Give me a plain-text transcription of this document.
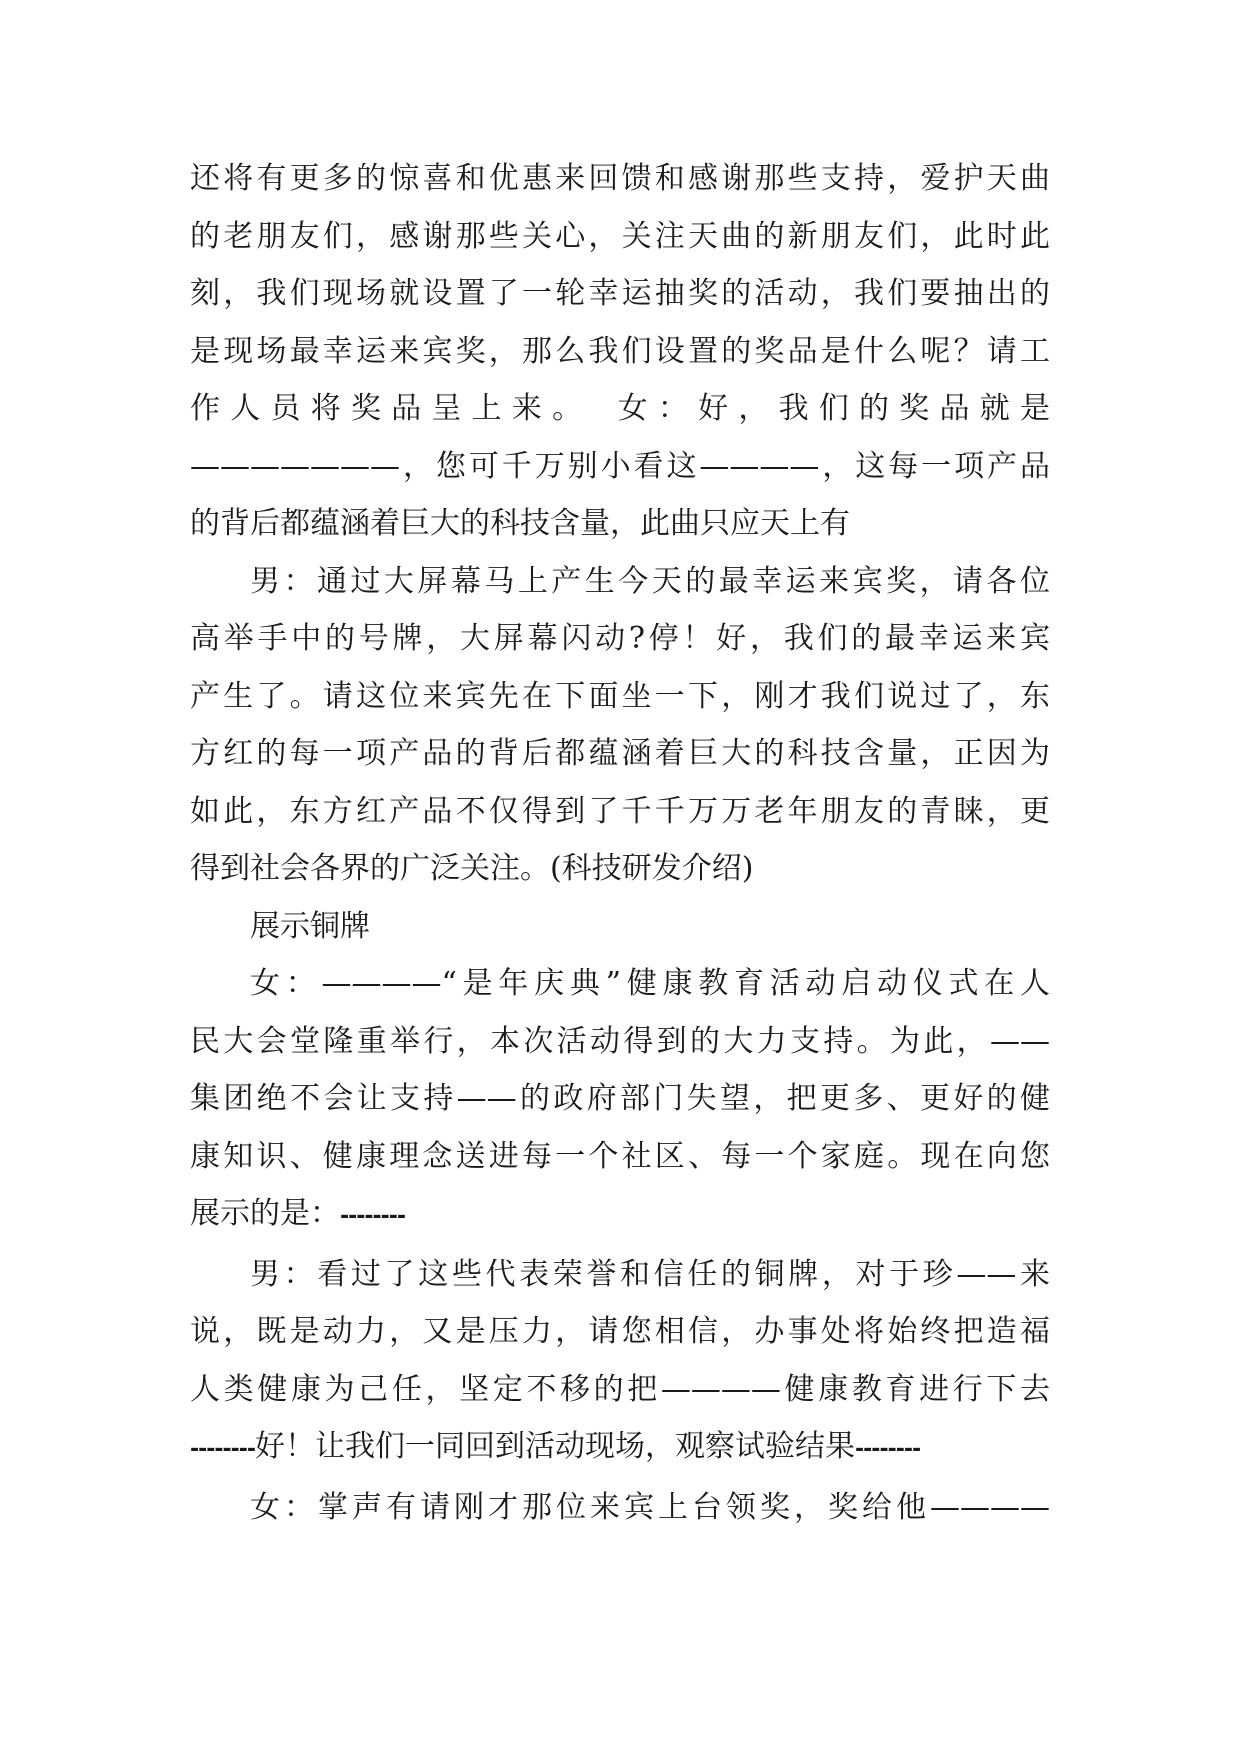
还将有更多的惊喜和优惠来回馈和感谢那些支持，爱护天曲
的老朋友们，感谢那些关心，关注天曲的新朋友们，此时此
刻，我们现场就设置了一轮幸运抽奖的活动，我们要抽出的
是现场最幸运来宾奖，那么我们设置的奖品是什么呢？请工
作人员将奖品呈上来。　女：好，我们的奖品就是
———————，您可千万别小看这————，这每一项产品
的背后都蕴涵着巨大的科技含量，此曲只应天上有

男：通过大屏幕马上产生今天的最幸运来宾奖，请各位
高举手中的号牌，大屏幕闪动?停！好，我们的最幸运来宾
产生了。请这位来宾先在下面坐一下，刚才我们说过了，东
方红的每一项产品的背后都蕴涵着巨大的科技含量，正因为
如此，东方红产品不仅得到了千千万万老年朋友的青睐，更
得到社会各界的广泛关注。(科技研发介绍)

展示铜牌

女：————“是年庆典”健康教育活动启动仪式在人
民大会堂隆重举行，本次活动得到的大力支持。为此，——
集团绝不会让支持——的政府部门失望，把更多、更好的健
康知识、健康理念送进每一个社区、每一个家庭。现在向您
展示的是：--------

男：看过了这些代表荣誉和信任的铜牌，对于珍——来
说，既是动力，又是压力，请您相信，办事处将始终把造福
人类健康为己任，坚定不移的把————健康教育进行下去
--------好！让我们一同回到活动现场，观察试验结果--------

女：掌声有请刚才那位来宾上台领奖，奖给他————
